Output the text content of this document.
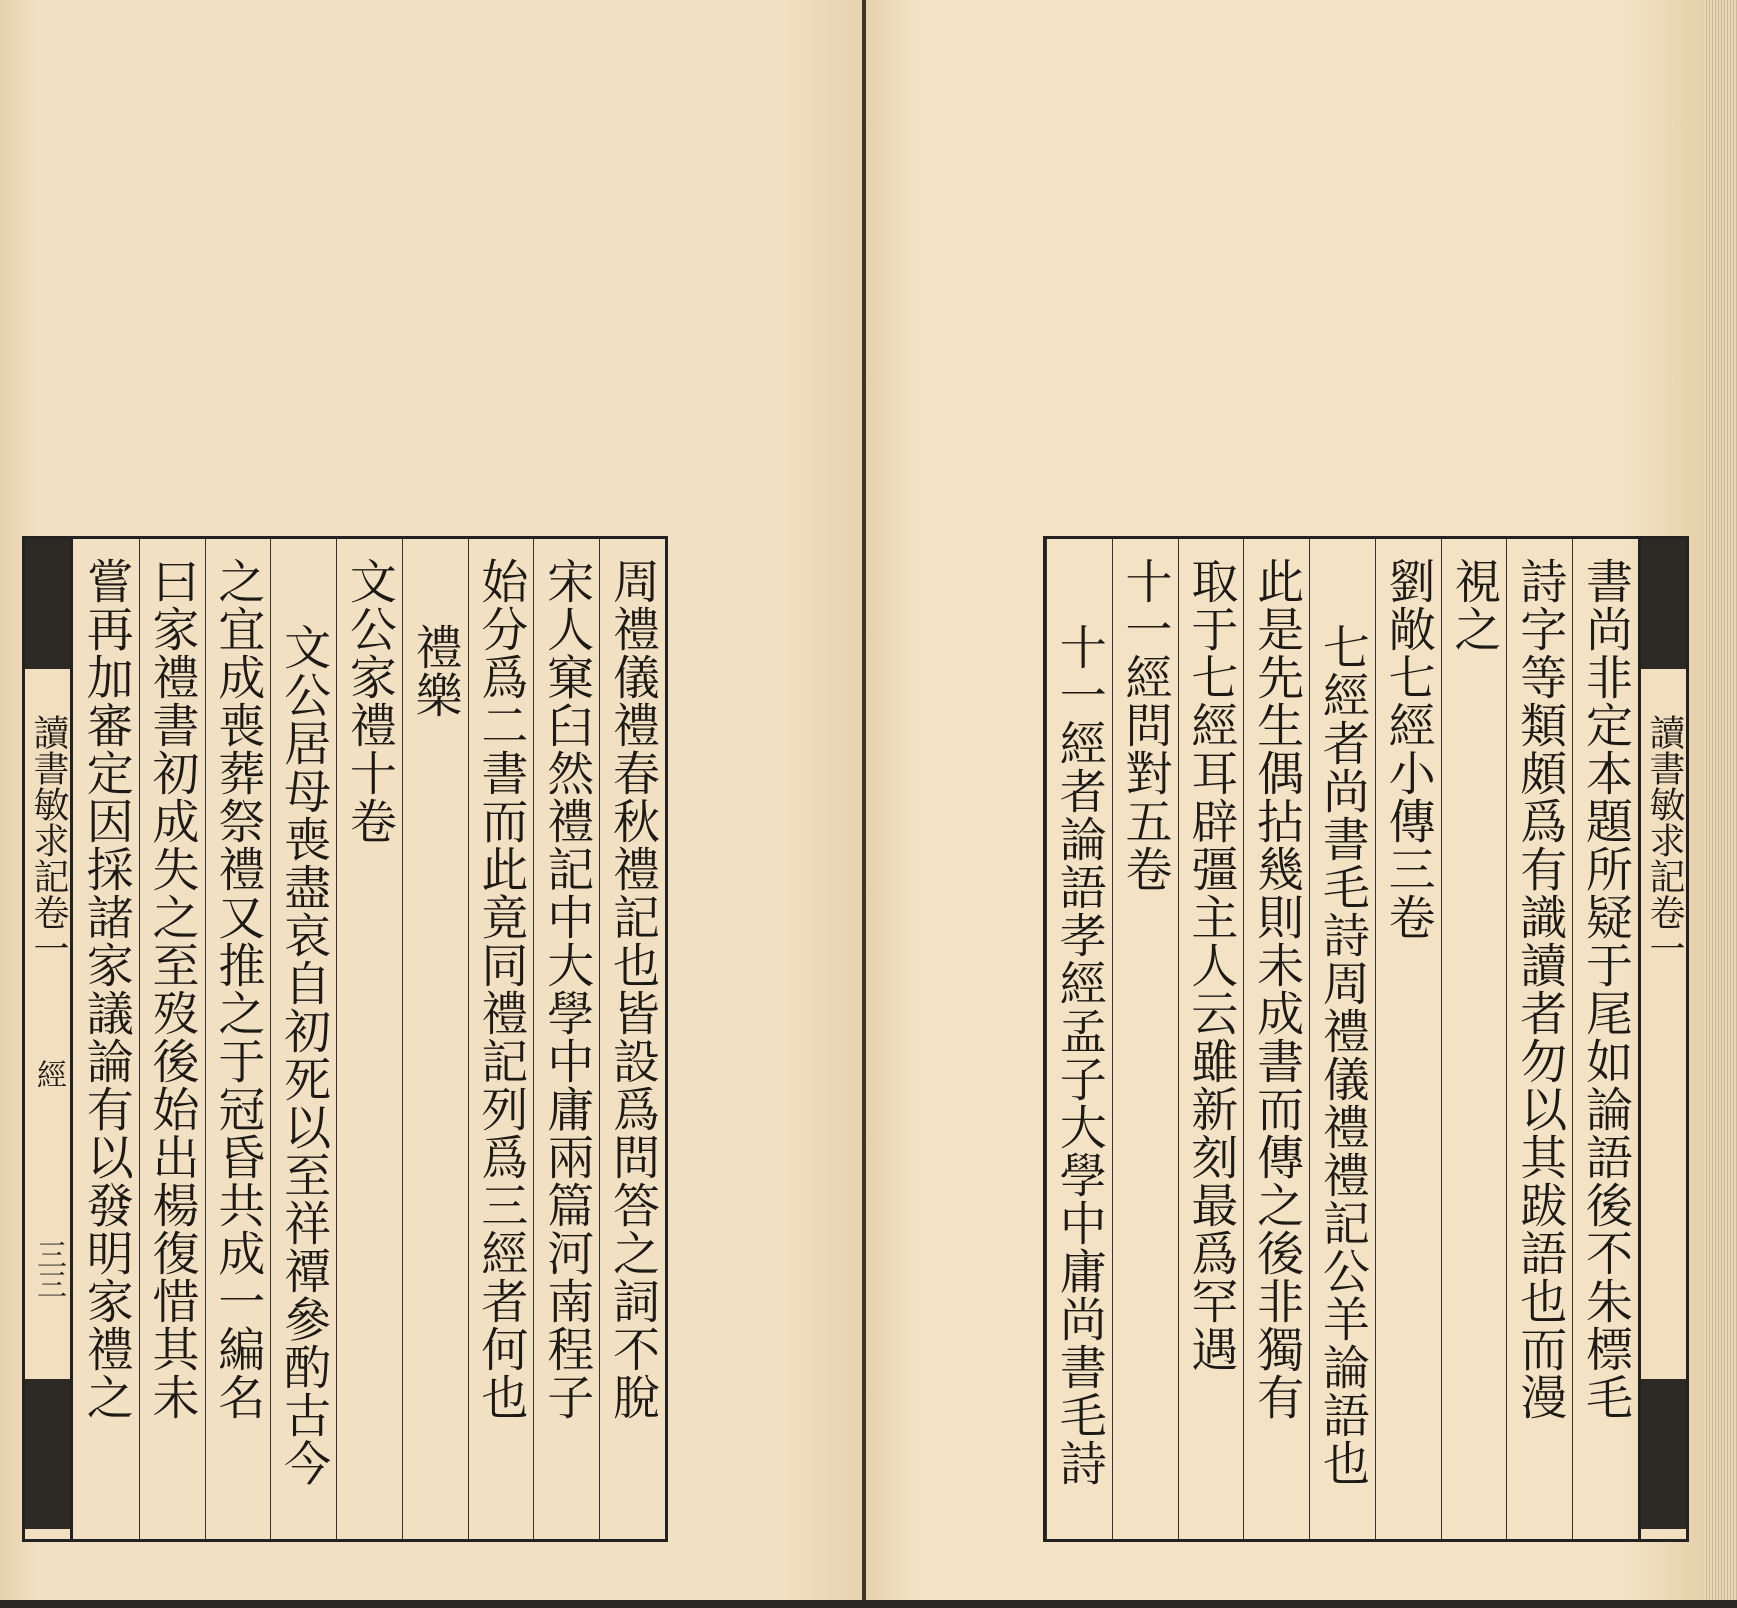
周禮儀禮春秋禮記也皆設爲問答之詞不脫
宋人窠臼然禮記中大學中庸兩篇河南程子
始分爲二書而此竟同禮記列爲三經者何也
禮樂
文公家禮十卷
文公居母喪盡哀自初死以至祥禫參酌古今
之宜成喪葬祭禮又推之于冠昏共成一編名
曰家禮書初成失之至歿後始出楊復惜其未
嘗再加審定因採諸家議論有以發明家禮之
讀書敏求記卷一
經
三三	書尚非定本題所疑于尾如論語後不朱標毛
詩字等類頗爲有識讀者勿以其跋語也而漫
視之
劉敞七經小傳三卷
七經者尚書毛詩周禮儀禮禮記公羊論語也
此是先生偶拈幾則未成書而傳之後非獨有
取于七經耳辟彊主人云雖新刻最爲罕遇
十一經問對五卷
十一經者論語孝經孟子大學中庸尚書毛詩	讀書敏求記卷一
